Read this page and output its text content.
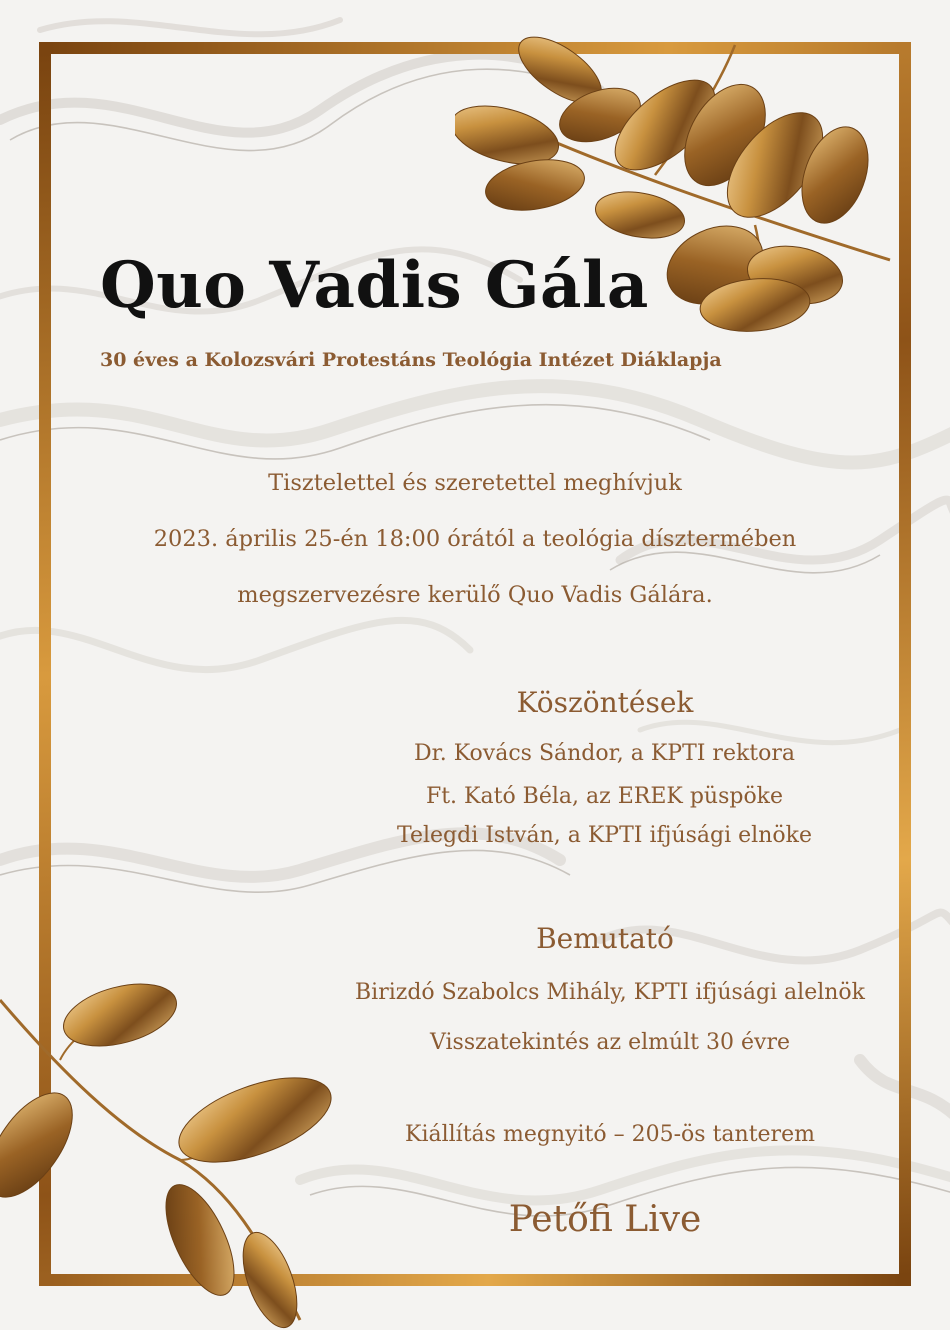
Quo Vadis Gála
30 éves a Kolozsvári Protestáns Teológia Intézet Diáklapja
Tisztelettel és szeretettel meghívjuk
2023. április 25-én 18:00 órától a teológia dísztermében
megszervezésre kerülő Quo Vadis Gálára.
Köszöntések
Dr. Kovács Sándor, a KPTI rektora
Ft. Kató Béla, az EREK püspöke
Telegdi István, a KPTI ifjúsági elnöke
Bemutató
Birizdó Szabolcs Mihály, KPTI ifjúsági alelnök
Visszatekintés az elmúlt 30 évre
Kiállítás megnyitó – 205-ös tanterem
Petőfi Live
